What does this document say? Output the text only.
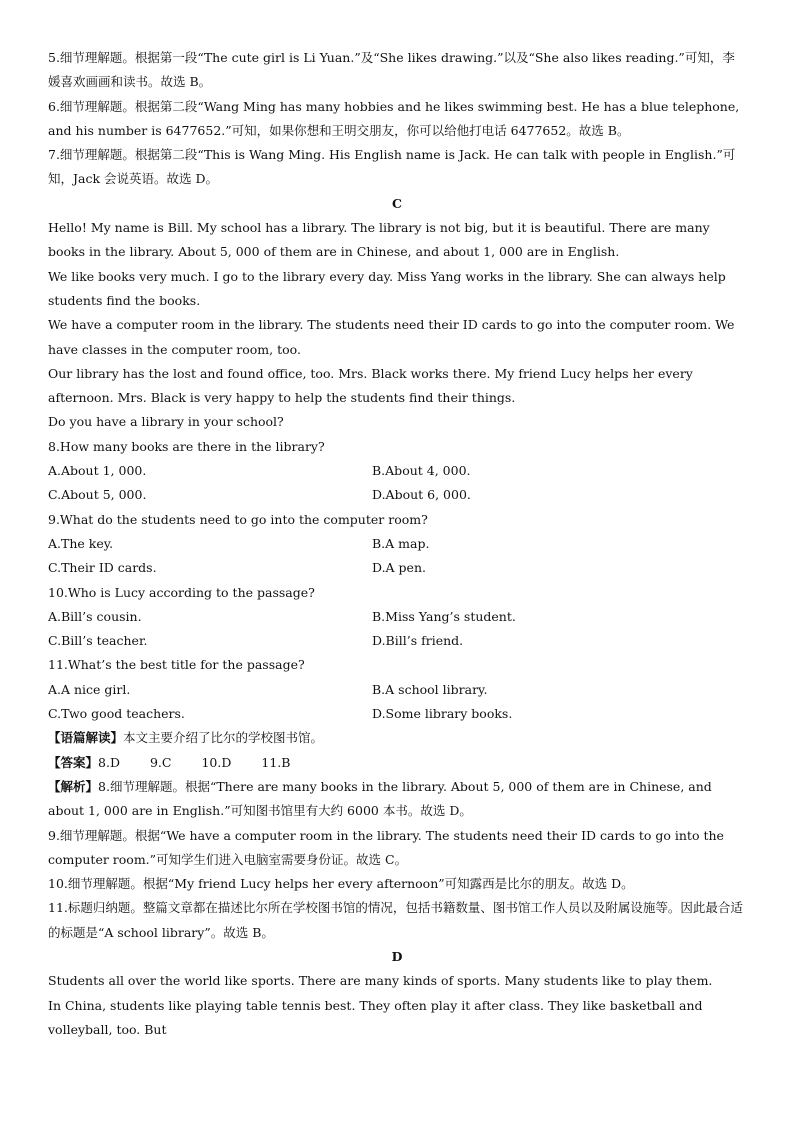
5.细节理解题。根据第一段“The cute girl is Li Yuan.”及“She likes drawing.”以及“She also likes reading.”可知，李媛喜欢画画和读书。故选 B。

6.细节理解题。根据第二段“Wang Ming has many hobbies and he likes swimming best. He has a blue telephone, and his number is 6477652.”可知，如果你想和王明交朋友，你可以给他打电话 6477652。故选 B。

7.细节理解题。根据第二段“This is Wang Ming. His English name is Jack. He can talk with people in English.”可知，Jack 会说英语。故选 D。

C

Hello! My name is Bill. My school has a library. The library is not big, but it is beautiful. There are many books in the library. About 5, 000 of them are in Chinese, and about 1, 000 are in English.

We like books very much. I go to the library every day. Miss Yang works in the library. She can always help students find the books.

We have a computer room in the library. The students need their ID cards to go into the computer room. We have classes in the computer room, too.

Our library has the lost and found office, too. Mrs. Black works there. My friend Lucy helps her every afternoon. Mrs. Black is very happy to help the students find their things.

Do you have a library in your school?

8.How many books are there in the library?

A.About 1, 000.	B.About 4, 000.
C.About 5, 000.	D.About 6, 000.

9.What do the students need to go into the computer room?

A.The key.	B.A map.
C.Their ID cards.	D.A pen.

10.Who is Lucy according to the passage?

A.Bill’s cousin.	B.Miss Yang’s student.
C.Bill’s teacher.	D.Bill’s friend.

11.What’s the best title for the passage?

A.A nice girl.	B.A school library.
C.Two good teachers.	D.Some library books.

【语篇解读】本文主要介绍了比尔的学校图书馆。

【答案】8.D 9.C 10.D 11.B

【解析】8.细节理解题。根据“There are many books in the library. About 5, 000 of them are in Chinese, and about 1, 000 are in English.”可知图书馆里有大约 6000 本书。故选 D。

9.细节理解题。根据“We have a computer room in the library. The students need their ID cards to go into the computer room.”可知学生们进入电脑室需要身份证。故选 C。

10.细节理解题。根据“My friend Lucy helps her every afternoon”可知露西是比尔的朋友。故选 D。

11.标题归纳题。整篇文章都在描述比尔所在学校图书馆的情况，包括书籍数量、图书馆工作人员以及附属设施等。因此最合适的标题是“A school library”。故选 B。

D

Students all over the world like sports. There are many kinds of sports. Many students like to play them.

In China, students like playing table tennis best. They often play it after class. They like basketball and volleyball, too. But
